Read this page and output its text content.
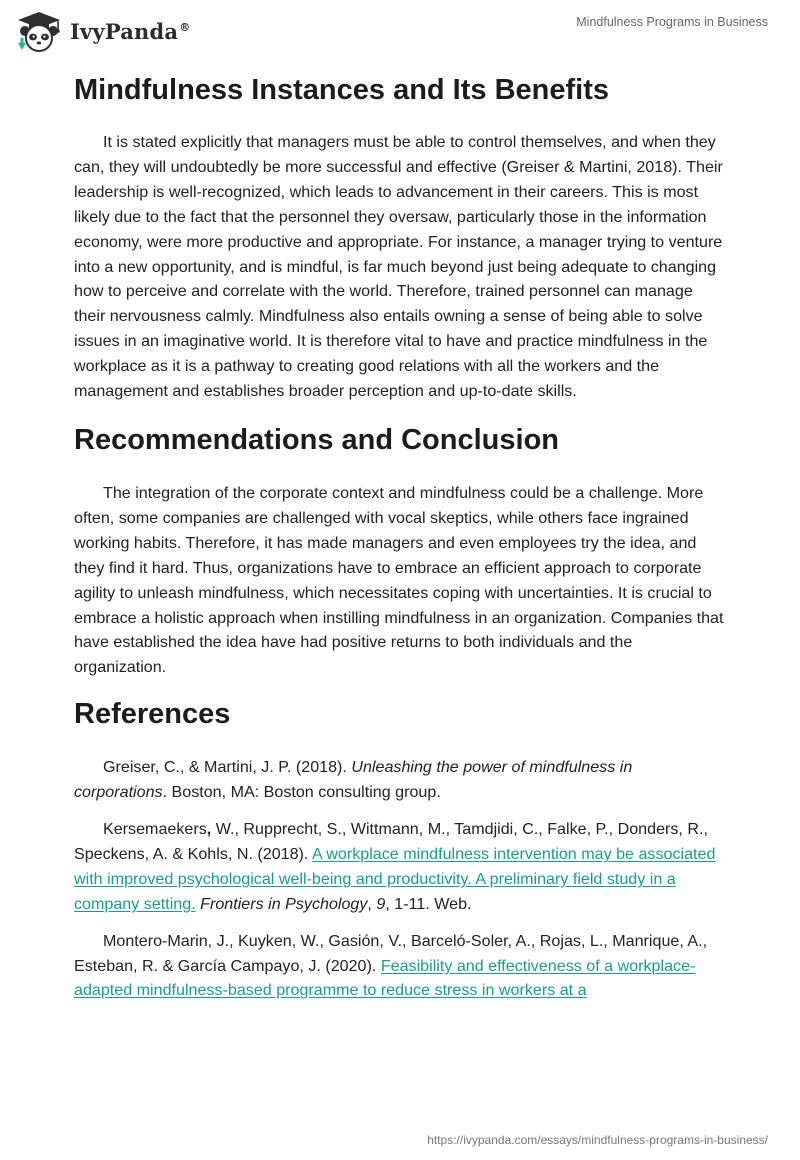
IvyPanda®	Mindfulness Programs in Business
Mindfulness Instances and Its Benefits

It is stated explicitly that managers must be able to control themselves, and when they can, they will undoubtedly be more successful and effective (Greiser & Martini, 2018). Their leadership is well-recognized, which leads to advancement in their careers. This is most likely due to the fact that the personnel they oversaw, particularly those in the information economy, were more productive and appropriate. For instance, a manager trying to venture into a new opportunity, and is mindful, is far much beyond just being adequate to changing how to perceive and correlate with the world. Therefore, trained personnel can manage their nervousness calmly. Mindfulness also entails owning a sense of being able to solve issues in an imaginative world. It is therefore vital to have and practice mindfulness in the workplace as it is a pathway to creating good relations with all the workers and the management and establishes broader perception and up-to-date skills.

Recommendations and Conclusion

The integration of the corporate context and mindfulness could be a challenge. More often, some companies are challenged with vocal skeptics, while others face ingrained working habits. Therefore, it has made managers and even employees try the idea, and they find it hard. Thus, organizations have to embrace an efficient approach to corporate agility to unleash mindfulness, which necessitates coping with uncertainties. It is crucial to embrace a holistic approach when instilling mindfulness in an organization. Companies that have established the idea have had positive returns to both individuals and the organization.

References

Greiser, C., & Martini, J. P. (2018). Unleashing the power of mindfulness in corporations. Boston, MA: Boston consulting group.

Kersemaekers, W., Rupprecht, S., Wittmann, M., Tamdjidi, C., Falke, P., Donders, R., Speckens, A. & Kohls, N. (2018). A workplace mindfulness intervention may be associated with improved psychological well-being and productivity. A preliminary field study in a company setting. Frontiers in Psychology, 9, 1-11. Web.

Montero-Marin, J., Kuyken, W., Gasión, V., Barceló-Soler, A., Rojas, L., Manrique, A., Esteban, R. & García Campayo, J. (2020). Feasibility and effectiveness of a workplace-adapted mindfulness-based programme to reduce stress in workers at a

https://ivypanda.com/essays/mindfulness-programs-in-business/
